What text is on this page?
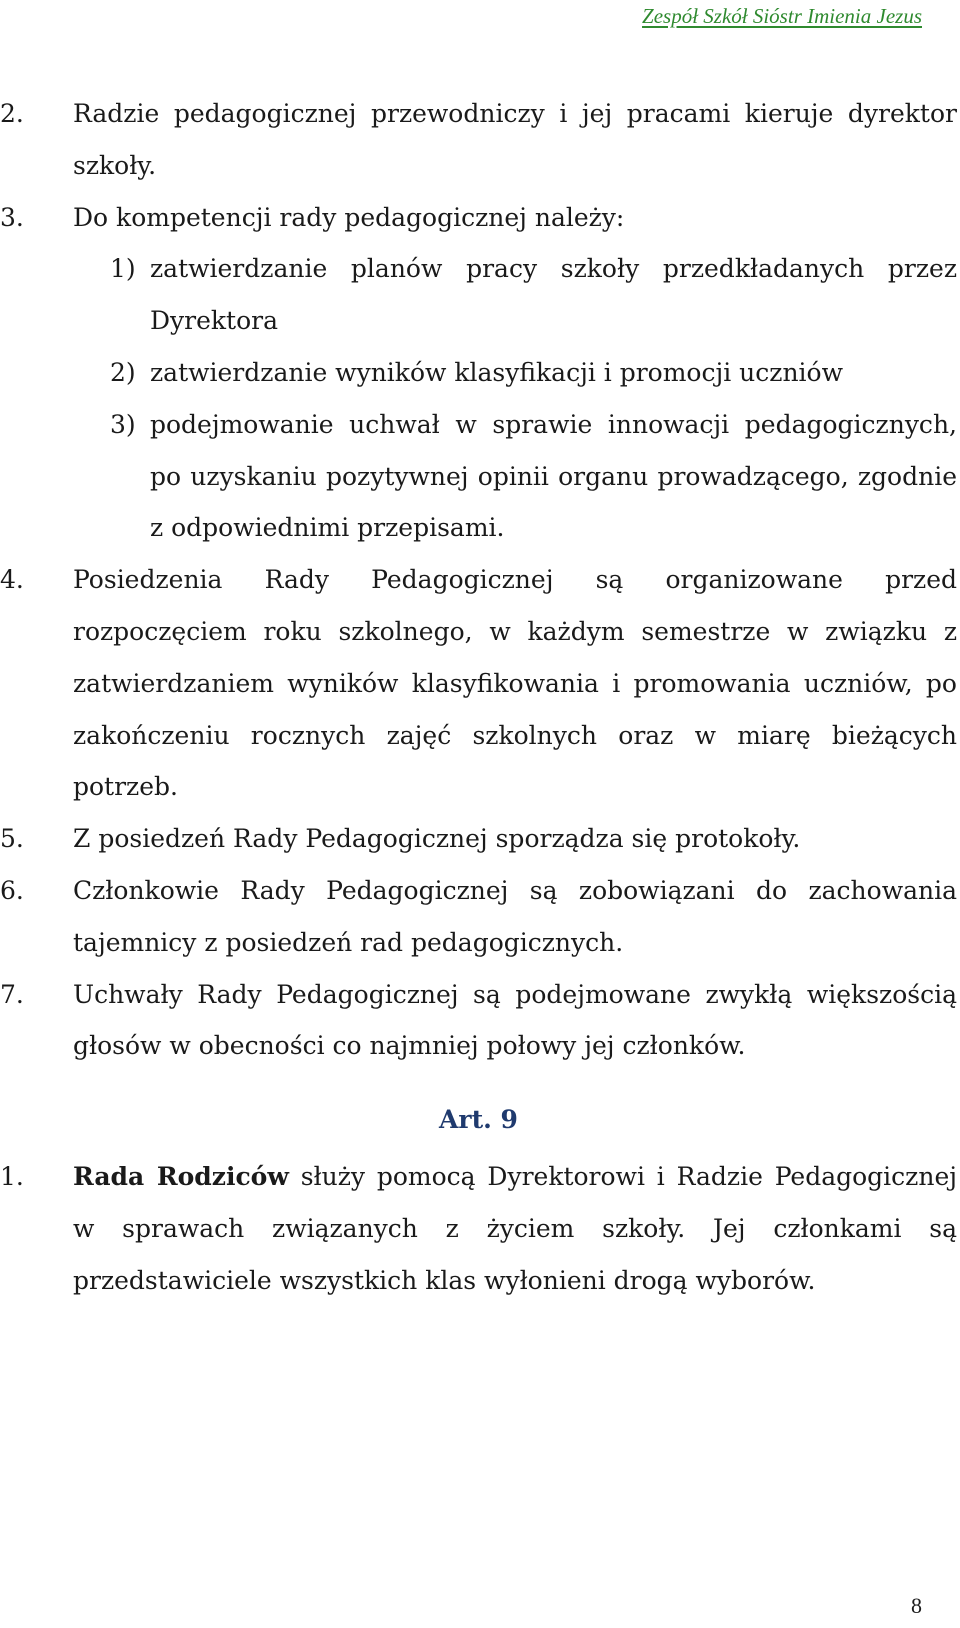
Zespół Szkół Sióstr Imienia Jezus
2. Radzie pedagogicznej przewodniczy i jej pracami kieruje dyrektor szkoły.
3. Do kompetencji rady pedagogicznej należy:
1) zatwierdzanie planów pracy szkoły przedkładanych przez Dyrektora
2) zatwierdzanie wyników klasyfikacji i promocji uczniów
3) podejmowanie uchwał w sprawie innowacji pedagogicznych, po uzyskaniu pozytywnej opinii organu prowadzącego, zgodnie z odpowiednimi przepisami.
4. Posiedzenia Rady Pedagogicznej są organizowane przed rozpoczęciem roku szkolnego, w każdym semestrze w związku z zatwierdzaniem wyników klasyfikowania i promowania uczniów, po zakończeniu rocznych zajęć szkolnych oraz w miarę bieżących potrzeb.
5. Z posiedzeń Rady Pedagogicznej sporządza się protokoły.
6. Członkowie Rady Pedagogicznej są zobowiązani do zachowania tajemnicy z posiedzeń rad pedagogicznych.
7. Uchwały Rady Pedagogicznej są podejmowane zwykłą większością głosów w obecności co najmniej połowy jej członków.
Art. 9
1. Rada Rodziców służy pomocą Dyrektorowi i Radzie Pedagogicznej w sprawach związanych z życiem szkoły. Jej członkami są przedstawiciele wszystkich klas wyłonieni drogą wyborów.
8
